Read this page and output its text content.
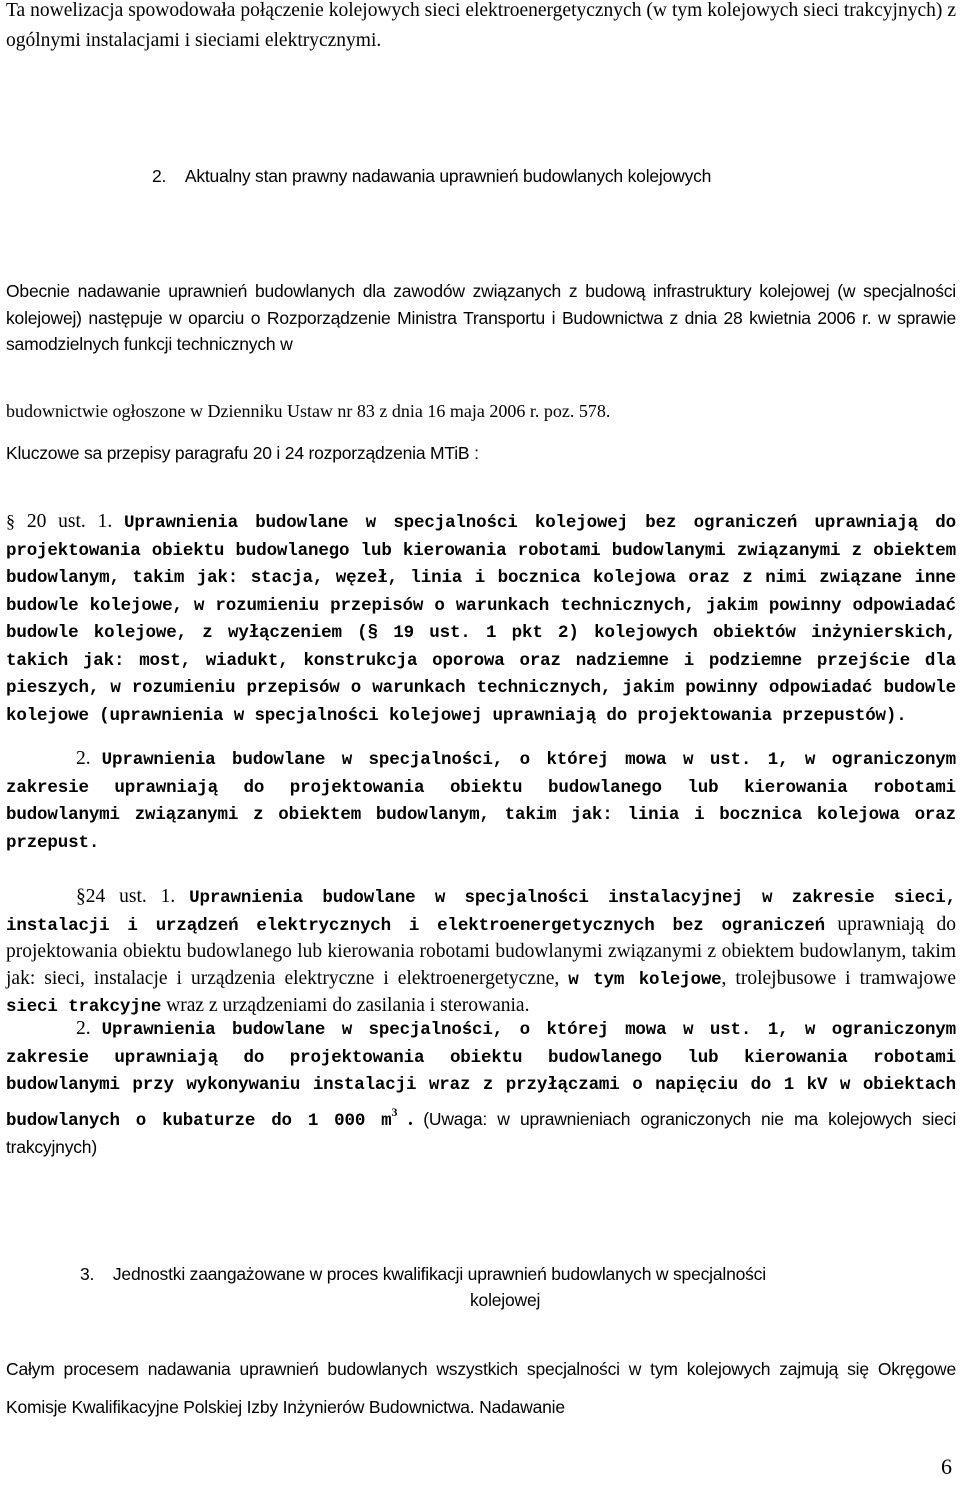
Ta nowelizacja spowodowała połączenie kolejowych sieci elektroenergetycznych (w tym kolejowych sieci trakcyjnych) z ogólnymi instalacjami i sieciami elektrycznymi.

2. Aktualny stan prawny nadawania uprawnień budowlanych kolejowych

Obecnie nadawanie uprawnień budowlanych dla zawodów związanych z budową infrastruktury kolejowej (w specjalności kolejowej) następuje w oparciu o Rozporządzenie Ministra Transportu i Budownictwa z dnia 28 kwietnia 2006 r. w sprawie samodzielnych funkcji technicznych w

budownictwie ogłoszone w Dzienniku Ustaw nr 83 z dnia 16 maja 2006 r. poz. 578.

Kluczowe sa przepisy paragrafu 20 i 24 rozporządzenia MTiB :

§ 20 ust. 1. Uprawnienia budowlane w specjalności kolejowej bez ograniczeń uprawniają do projektowania obiektu budowlanego lub kierowania robotami budowlanymi związanymi z obiektem budowlanym, takim jak: stacja, węzeł, linia i bocznica kolejowa oraz z nimi związane inne budowle kolejowe, w rozumieniu przepisów o warunkach technicznych, jakim powinny odpowiadać budowle kolejowe, z wyłączeniem (§ 19 ust. 1 pkt 2) kolejowych obiektów inżynierskich, takich jak: most, wiadukt, konstrukcja oporowa oraz nadziemne i podziemne przejście dla pieszych, w rozumieniu przepisów o warunkach technicznych, jakim powinny odpowiadać budowle kolejowe (uprawnienia w specjalności kolejowej uprawniają do projektowania przepustów).
2. Uprawnienia budowlane w specjalności, o której mowa w ust. 1, w ograniczonym zakresie uprawniają do projektowania obiektu budowlanego lub kierowania robotami budowlanymi związanymi z obiektem budowlanym, takim jak: linia i bocznica kolejowa oraz przepust.
§24 ust. 1. Uprawnienia budowlane w specjalności instalacyjnej w zakresie sieci, instalacji i urządzeń elektrycznych i elektroenergetycznych bez ograniczeń uprawniają do projektowania obiektu budowlanego lub kierowania robotami budowlanymi związanymi z obiektem budowlanym, takim jak: sieci, instalacje i urządzenia elektryczne i elektroenergetyczne, w tym kolejowe, trolejbusowe i tramwajowe sieci trakcyjne wraz z urządzeniami do zasilania i sterowania.
2. Uprawnienia budowlane w specjalności, o której mowa w ust. 1, w ograniczonym zakresie uprawniają do projektowania obiektu budowlanego lub kierowania robotami budowlanymi przy wykonywaniu instalacji wraz z przyłączami o napięciu do 1 kV w obiektach budowlanych o kubaturze do 1 000 $m^3$ . (Uwaga: w uprawnieniach ograniczonych nie ma kolejowych sieci trakcyjnych)
3. Jednostki zaangażowane w proces kwalifikacji uprawnień budowlanych w specjalności
kolejowej

Całym procesem nadawania uprawnień budowlanych wszystkich specjalności w tym kolejowych zajmują się Okręgowe Komisje Kwalifikacyjne Polskiej Izby Inżynierów Budownictwa. Nadawanie

6
